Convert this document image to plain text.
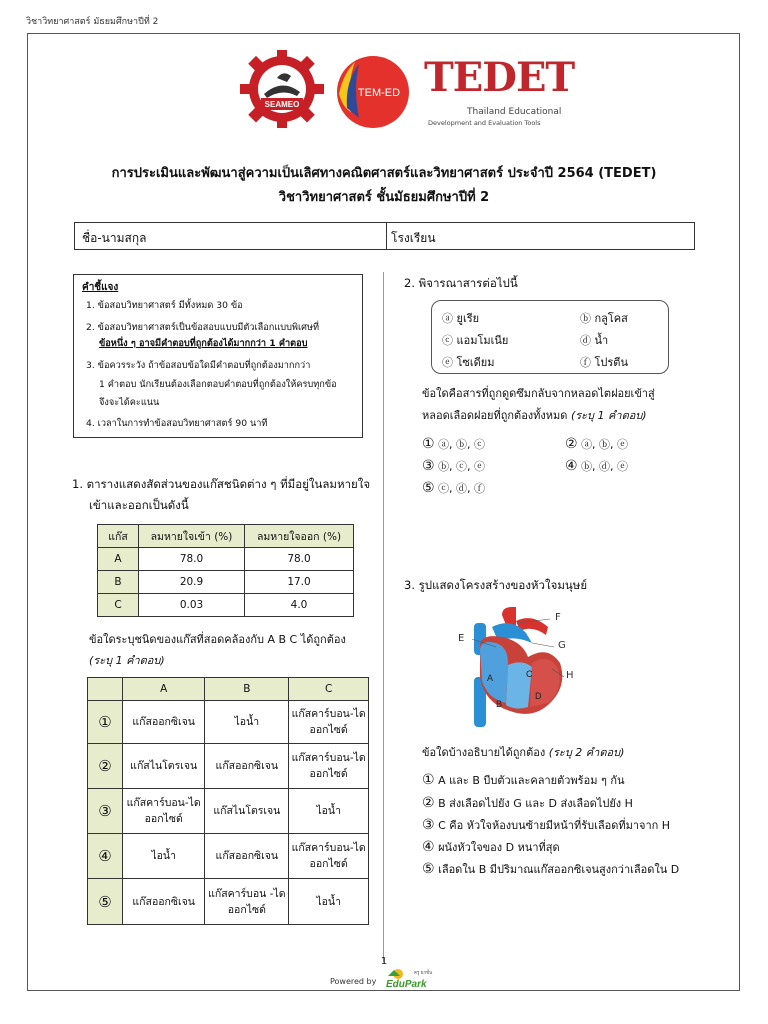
วิชาวิทยาศาสตร์ มัธยมศึกษาปีที่ 2
SEAMEO
TEM-ED TEDET
Thailand Educational
Development and Evaluation Tools
การประเมินและพัฒนาสู่ความเป็นเลิศทางคณิตศาสตร์และวิทยาศาสตร์ ประจำปี 2564 (TEDET)
วิชาวิทยาศาสตร์ ชั้นมัธยมศึกษาปีที่ 2
ชื่อ-นามสกุล	โรงเรียน
คำชี้แจง
1. ข้อสอบวิทยาศาสตร์ มีทั้งหมด 30 ข้อ
2. ข้อสอบวิทยาศาสตร์เป็นข้อสอบแบบมีตัวเลือกแบบพิเศษที่
ข้อหนึ่ง ๆ อาจมีคำตอบที่ถูกต้องได้มากกว่า 1 คำตอบ
3. ข้อควรระวัง ถ้าข้อสอบข้อใดมีคำตอบที่ถูกต้องมากกว่า
1 คำตอบ นักเรียนต้องเลือกตอบคำตอบที่ถูกต้องให้ครบทุกข้อ
จึงจะได้คะแนน
4. เวลาในการทำข้อสอบวิทยาศาสตร์ 90 นาที
1. ตารางแสดงสัดส่วนของแก๊สชนิดต่าง ๆ ที่มีอยู่ในลมหายใจ
เข้าและออกเป็นดังนี้
แก๊ส	ลมหายใจเข้า (%)	ลมหายใจออก (%)
A	78.0	78.0
B	20.9	17.0
C	0.03	4.0
ข้อใดระบุชนิดของแก๊สที่สอดคล้องกับ A B C ได้ถูกต้อง
(ระบุ 1 คำตอบ)
	A	B	C
①	แก๊สออกซิเจน	ไอน้ำ	แก๊สคาร์บอน-ไดออกไซด์
②	แก๊สไนโตรเจน	แก๊สออกซิเจน	แก๊สคาร์บอน-ไดออกไซด์
③	แก๊สคาร์บอน-ไดออกไซด์	แก๊สไนโตรเจน	ไอน้ำ
④	ไอน้ำ	แก๊สออกซิเจน	แก๊สคาร์บอน-ไดออกไซด์
⑤	แก๊สออกซิเจน	แก๊สคาร์บอน -ไดออกไซด์	ไอน้ำ
2. พิจารณาสารต่อไปนี้
ⓐ ยูเรีย	ⓑ กลูโคส
ⓒ แอมโมเนีย	ⓓ น้ำ
ⓔ โซเดียม	ⓕ โปรตีน
ข้อใดคือสารที่ถูกดูดซึมกลับจากหลอดไตฝอยเข้าสู่
หลอดเลือดฝอยที่ถูกต้องทั้งหมด (ระบุ 1 คำตอบ)
① ⓐ, ⓑ, ⓒ	② ⓐ, ⓑ, ⓔ
③ ⓑ, ⓒ, ⓔ	④ ⓑ, ⓓ, ⓔ
⑤ ⓒ, ⓓ, ⓕ
3. รูปแสดงโครงสร้างของหัวใจมนุษย์
A
B
C
D
F
E
G
H
ข้อใดบ้างอธิบายได้ถูกต้อง (ระบุ 2 คำตอบ)
① A และ B บีบตัวและคลายตัวพร้อม ๆ กัน
② B ส่งเลือดไปยัง G และ D ส่งเลือดไปยัง H
③ C คือ หัวใจห้องบนซ้ายมีหน้าที่รับเลือดที่มาจาก H
④ ผนังหัวใจของ D หนาที่สุด
⑤ เลือดใน B มีปริมาณแก๊สออกซิเจนสูงกว่าเลือดใน D
1
Powered by EduPark
ครู ยกชั้น
